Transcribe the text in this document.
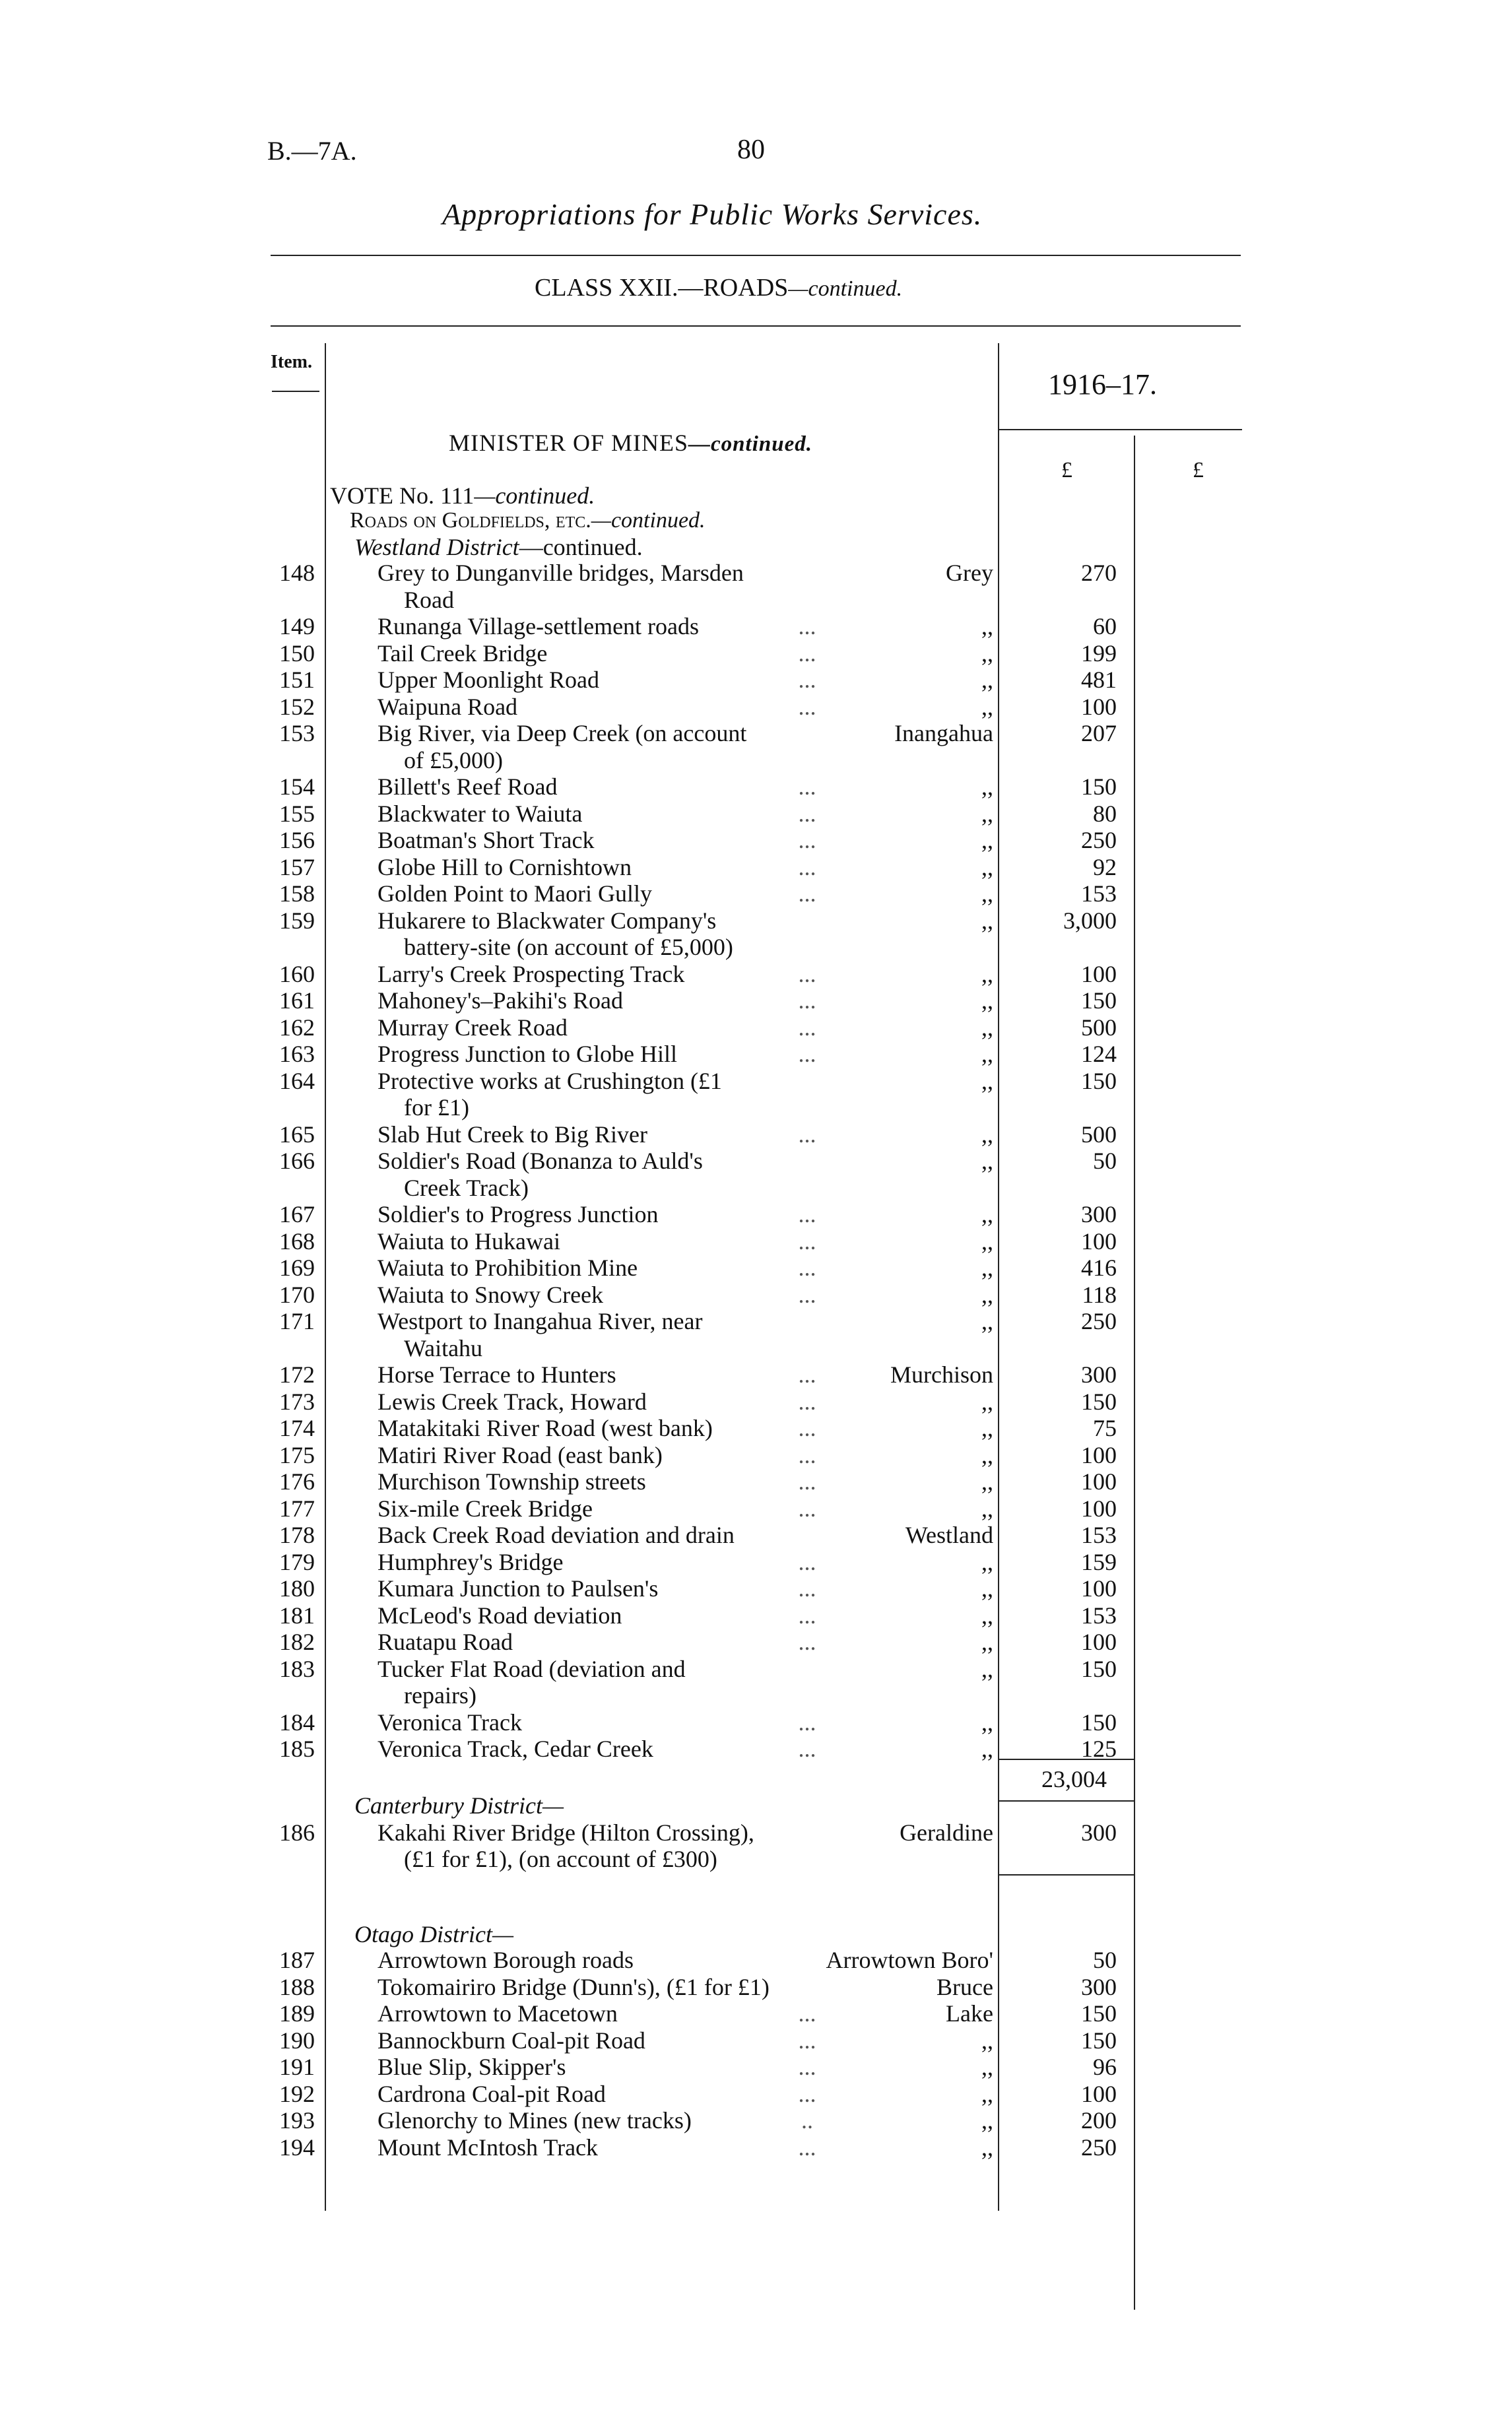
B.—7A.	80
Appropriations for Public Works Services.
CLASS XXII.—ROADS—continued.
Item.
1916–17.
£	£
MINISTER OF MINES—continued.
VOTE No. 111—continued.
Roads on Goldfields, etc.—continued.
Westland District—continued.
148	Grey to Dunganville bridges, Marsden	Grey	270
Road
149	Runanga Village-settlement roads	...	,,	60
150	Tail Creek Bridge	...	,,	199
151	Upper Moonlight Road	...	,,	481
152	Waipuna Road	...	,,	100
153	Big River, via Deep Creek (on account	Inangahua	207
of £5,000)
154	Billett's Reef Road	...	,,	150
155	Blackwater to Waiuta	...	,,	80
156	Boatman's Short Track	...	,,	250
157	Globe Hill to Cornishtown	...	,,	92
158	Golden Point to Maori Gully	...	,,	153
159	Hukarere to Blackwater Company's	,,	3,000
battery-site (on account of £5,000)
160	Larry's Creek Prospecting Track	...	,,	100
161	Mahoney's–Pakihi's Road	...	,,	150
162	Murray Creek Road	...	,,	500
163	Progress Junction to Globe Hill	...	,,	124
164	Protective works at Crushington (£1	,,	150
for £1)
165	Slab Hut Creek to Big River	...	,,	500
166	Soldier's Road (Bonanza to Auld's	,,	50
Creek Track)
167	Soldier's to Progress Junction	...	,,	300
168	Waiuta to Hukawai	...	,,	100
169	Waiuta to Prohibition Mine	...	,,	416
170	Waiuta to Snowy Creek	...	,,	118
171	Westport to Inangahua River, near	,,	250
Waitahu
172	Horse Terrace to Hunters	...	Murchison	300
173	Lewis Creek Track, Howard	...	,,	150
174	Matakitaki River Road (west bank)	...	,,	75
175	Matiri River Road (east bank)	...	,,	100
176	Murchison Township streets	...	,,	100
177	Six-mile Creek Bridge	...	,,	100
178	Back Creek Road deviation and drain	Westland	153
179	Humphrey's Bridge	...	,,	159
180	Kumara Junction to Paulsen's	...	,,	100
181	McLeod's Road deviation	...	,,	153
182	Ruatapu Road	...	,,	100
183	Tucker Flat Road (deviation and	,,	150
repairs)
184	Veronica Track	...	,,	150
185	Veronica Track, Cedar Creek	...	,,	125
23,004
Canterbury District—
186	Kakahi River Bridge (Hilton Crossing),	Geraldine	300
(£1 for £1), (on account of £300)
Otago District—
187	Arrowtown Borough roads	Arrowtown Boro'	50
188	Tokomairiro Bridge (Dunn's), (£1 for £1)	Bruce	300
189	Arrowtown to Macetown	...	Lake	150
190	Bannockburn Coal-pit Road	...	,,	150
191	Blue Slip, Skipper's	...	,,	96
192	Cardrona Coal-pit Road	...	,,	100
193	Glenorchy to Mines (new tracks)	..	,,	200
194	Mount McIntosh Track	...	,,	250
